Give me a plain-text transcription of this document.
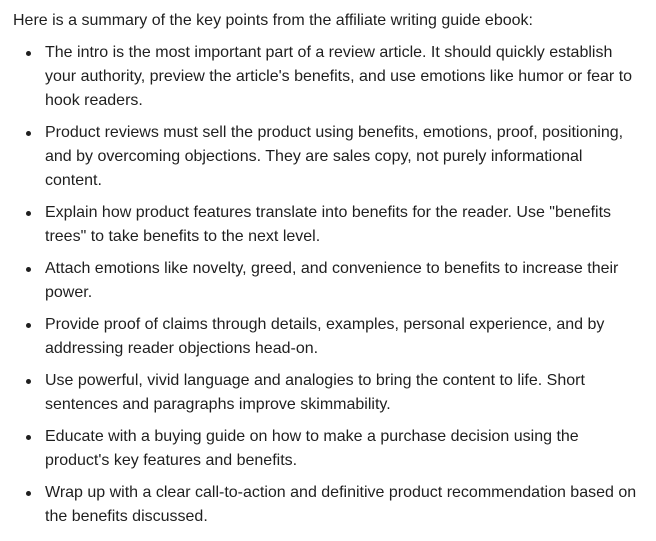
Here is a summary of the key points from the affiliate writing guide ebook:

The intro is the most important part of a review article. It should quickly establish your authority, preview the article's benefits, and use emotions like humor or fear to hook readers.
Product reviews must sell the product using benefits, emotions, proof, positioning, and by overcoming objections. They are sales copy, not purely informational content.
Explain how product features translate into benefits for the reader. Use "benefits trees" to take benefits to the next level.
Attach emotions like novelty, greed, and convenience to benefits to increase their power.
Provide proof of claims through details, examples, personal experience, and by addressing reader objections head-on.
Use powerful, vivid language and analogies to bring the content to life. Short sentences and paragraphs improve skimmability.
Educate with a buying guide on how to make a purchase decision using the product's key features and benefits.
Wrap up with a clear call-to-action and definitive product recommendation based on the benefits discussed.
